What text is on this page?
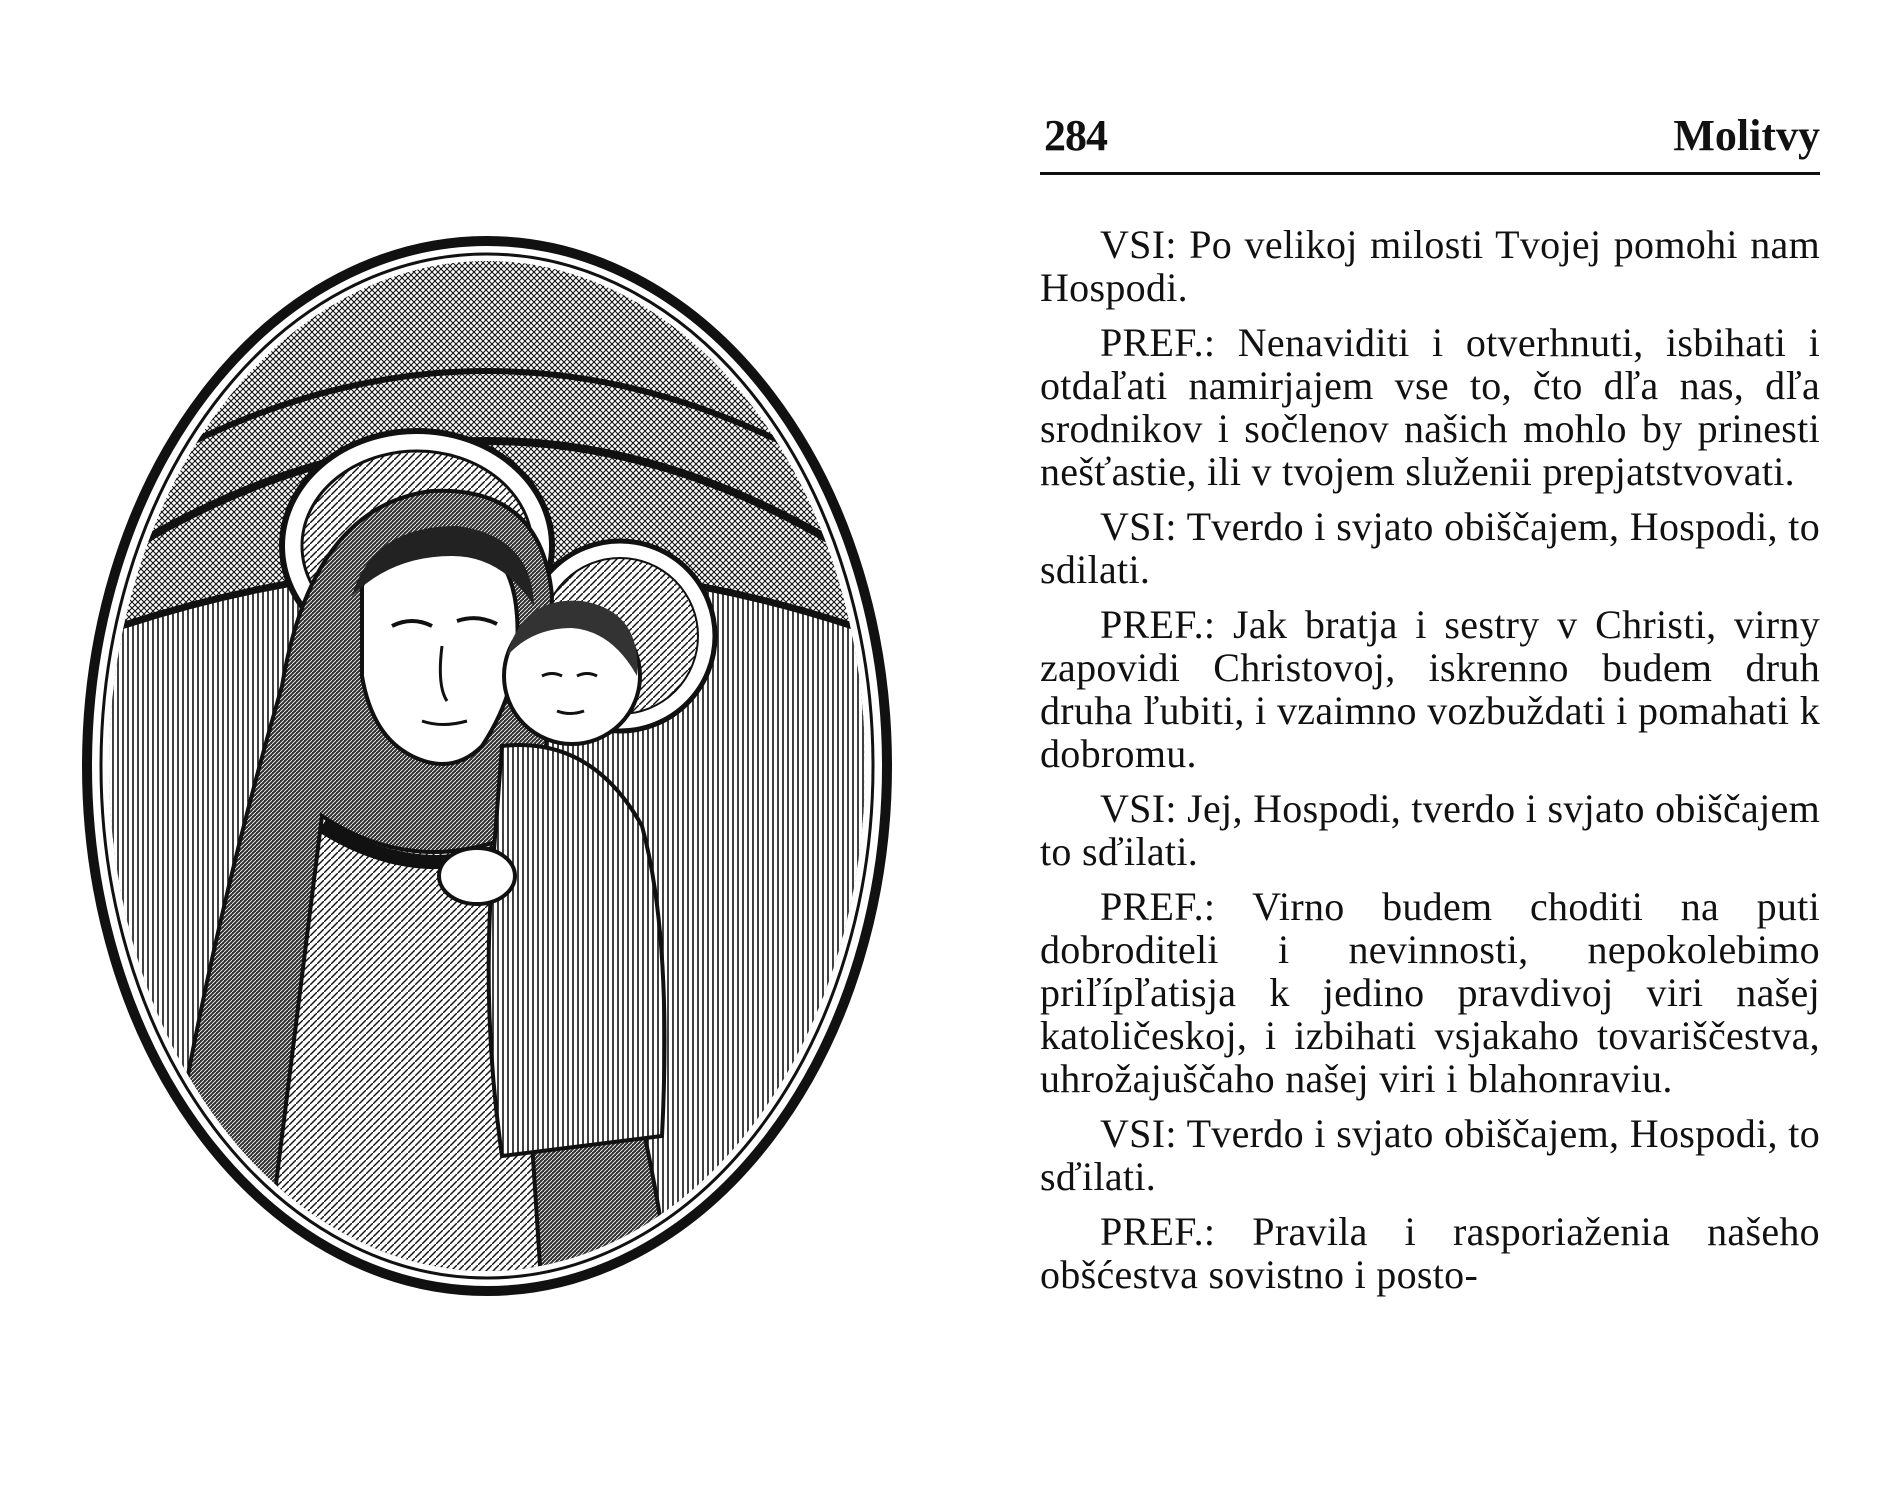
284	Molitvy

VSI: Po velikoj milosti Tvojej pomohi nam Hospodi.

PREF.: Nenaviditi i otverhnuti, isbihati i otdaľati namirjajem vse to, čto dľa nas, dľa srodnikov i sočlenov našich mohlo by prinesti nešťastie, ili v tvojem služenii prepjatstvovati.

VSI: Tverdo i svjato obiščajem, Hospodi, to sdilati.

PREF.: Jak bratja i sestry v Christi, virny zapovidi Christovoj, iskrenno budem druh druha ľubiti, i vzaimno vozbuždati i pomahati k dobromu.

VSI: Jej, Hospodi, tverdo i svjato obiščajem to sďilati.

PREF.: Virno budem choditi na puti dobroditeli i nevinnosti, nepokolebimo priľípľatisja k jedino pravdivoj viri našej katoličeskoj, i izbihati vsjakaho tovariščestva, uhrožajuščaho našej viri i blahonraviu.

VSI: Tverdo i svjato obiščajem, Hospodi, to sďilati.

PREF.: Pravila i rasporiaženia našeho obšćestva sovistno i posto-
